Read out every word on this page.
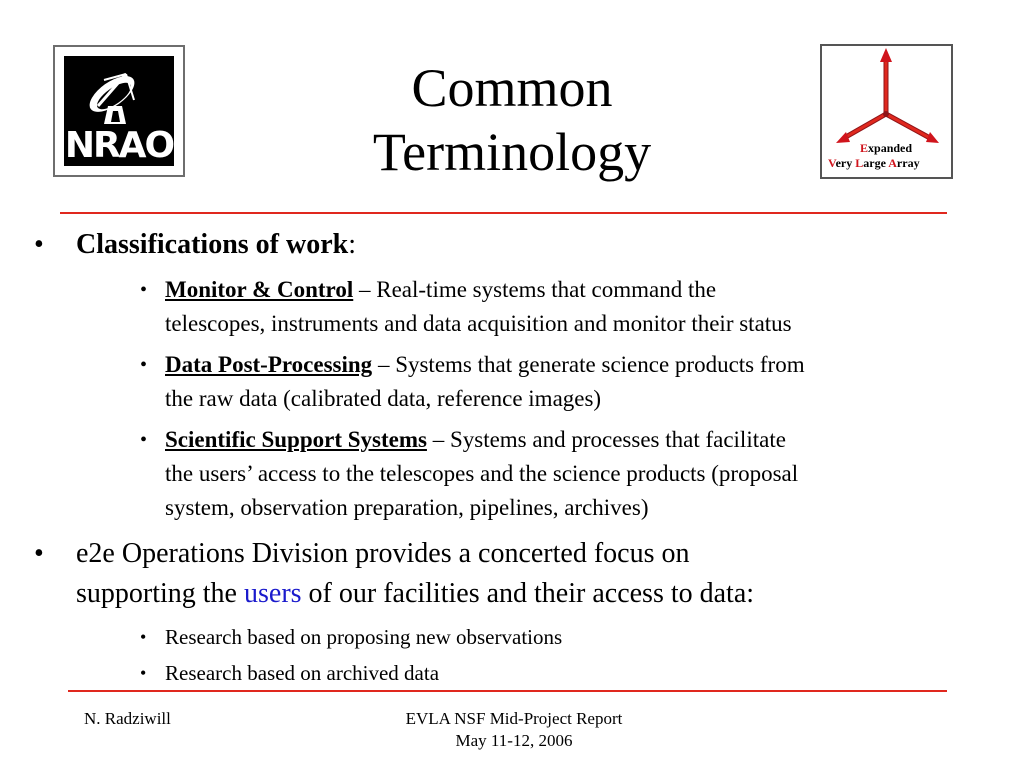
NRAO
Common
Terminology	Expanded
Very Large Array
• Classifications of work:
• Monitor & Control – Real-time systems that command the
telescopes, instruments and data acquisition and monitor their status
• Data Post-Processing – Systems that generate science products from
the raw data (calibrated data, reference images)
• Scientific Support Systems – Systems and processes that facilitate
the users’ access to the telescopes and the science products (proposal
system, observation preparation, pipelines, archives)
• e2e Operations Division provides a concerted focus on
supporting the users of our facilities and their access to data:
• Research based on proposing new observations
• Research based on archived data
N. Radziwill	EVLA NSF Mid-Project Report
May 11-12, 2006
